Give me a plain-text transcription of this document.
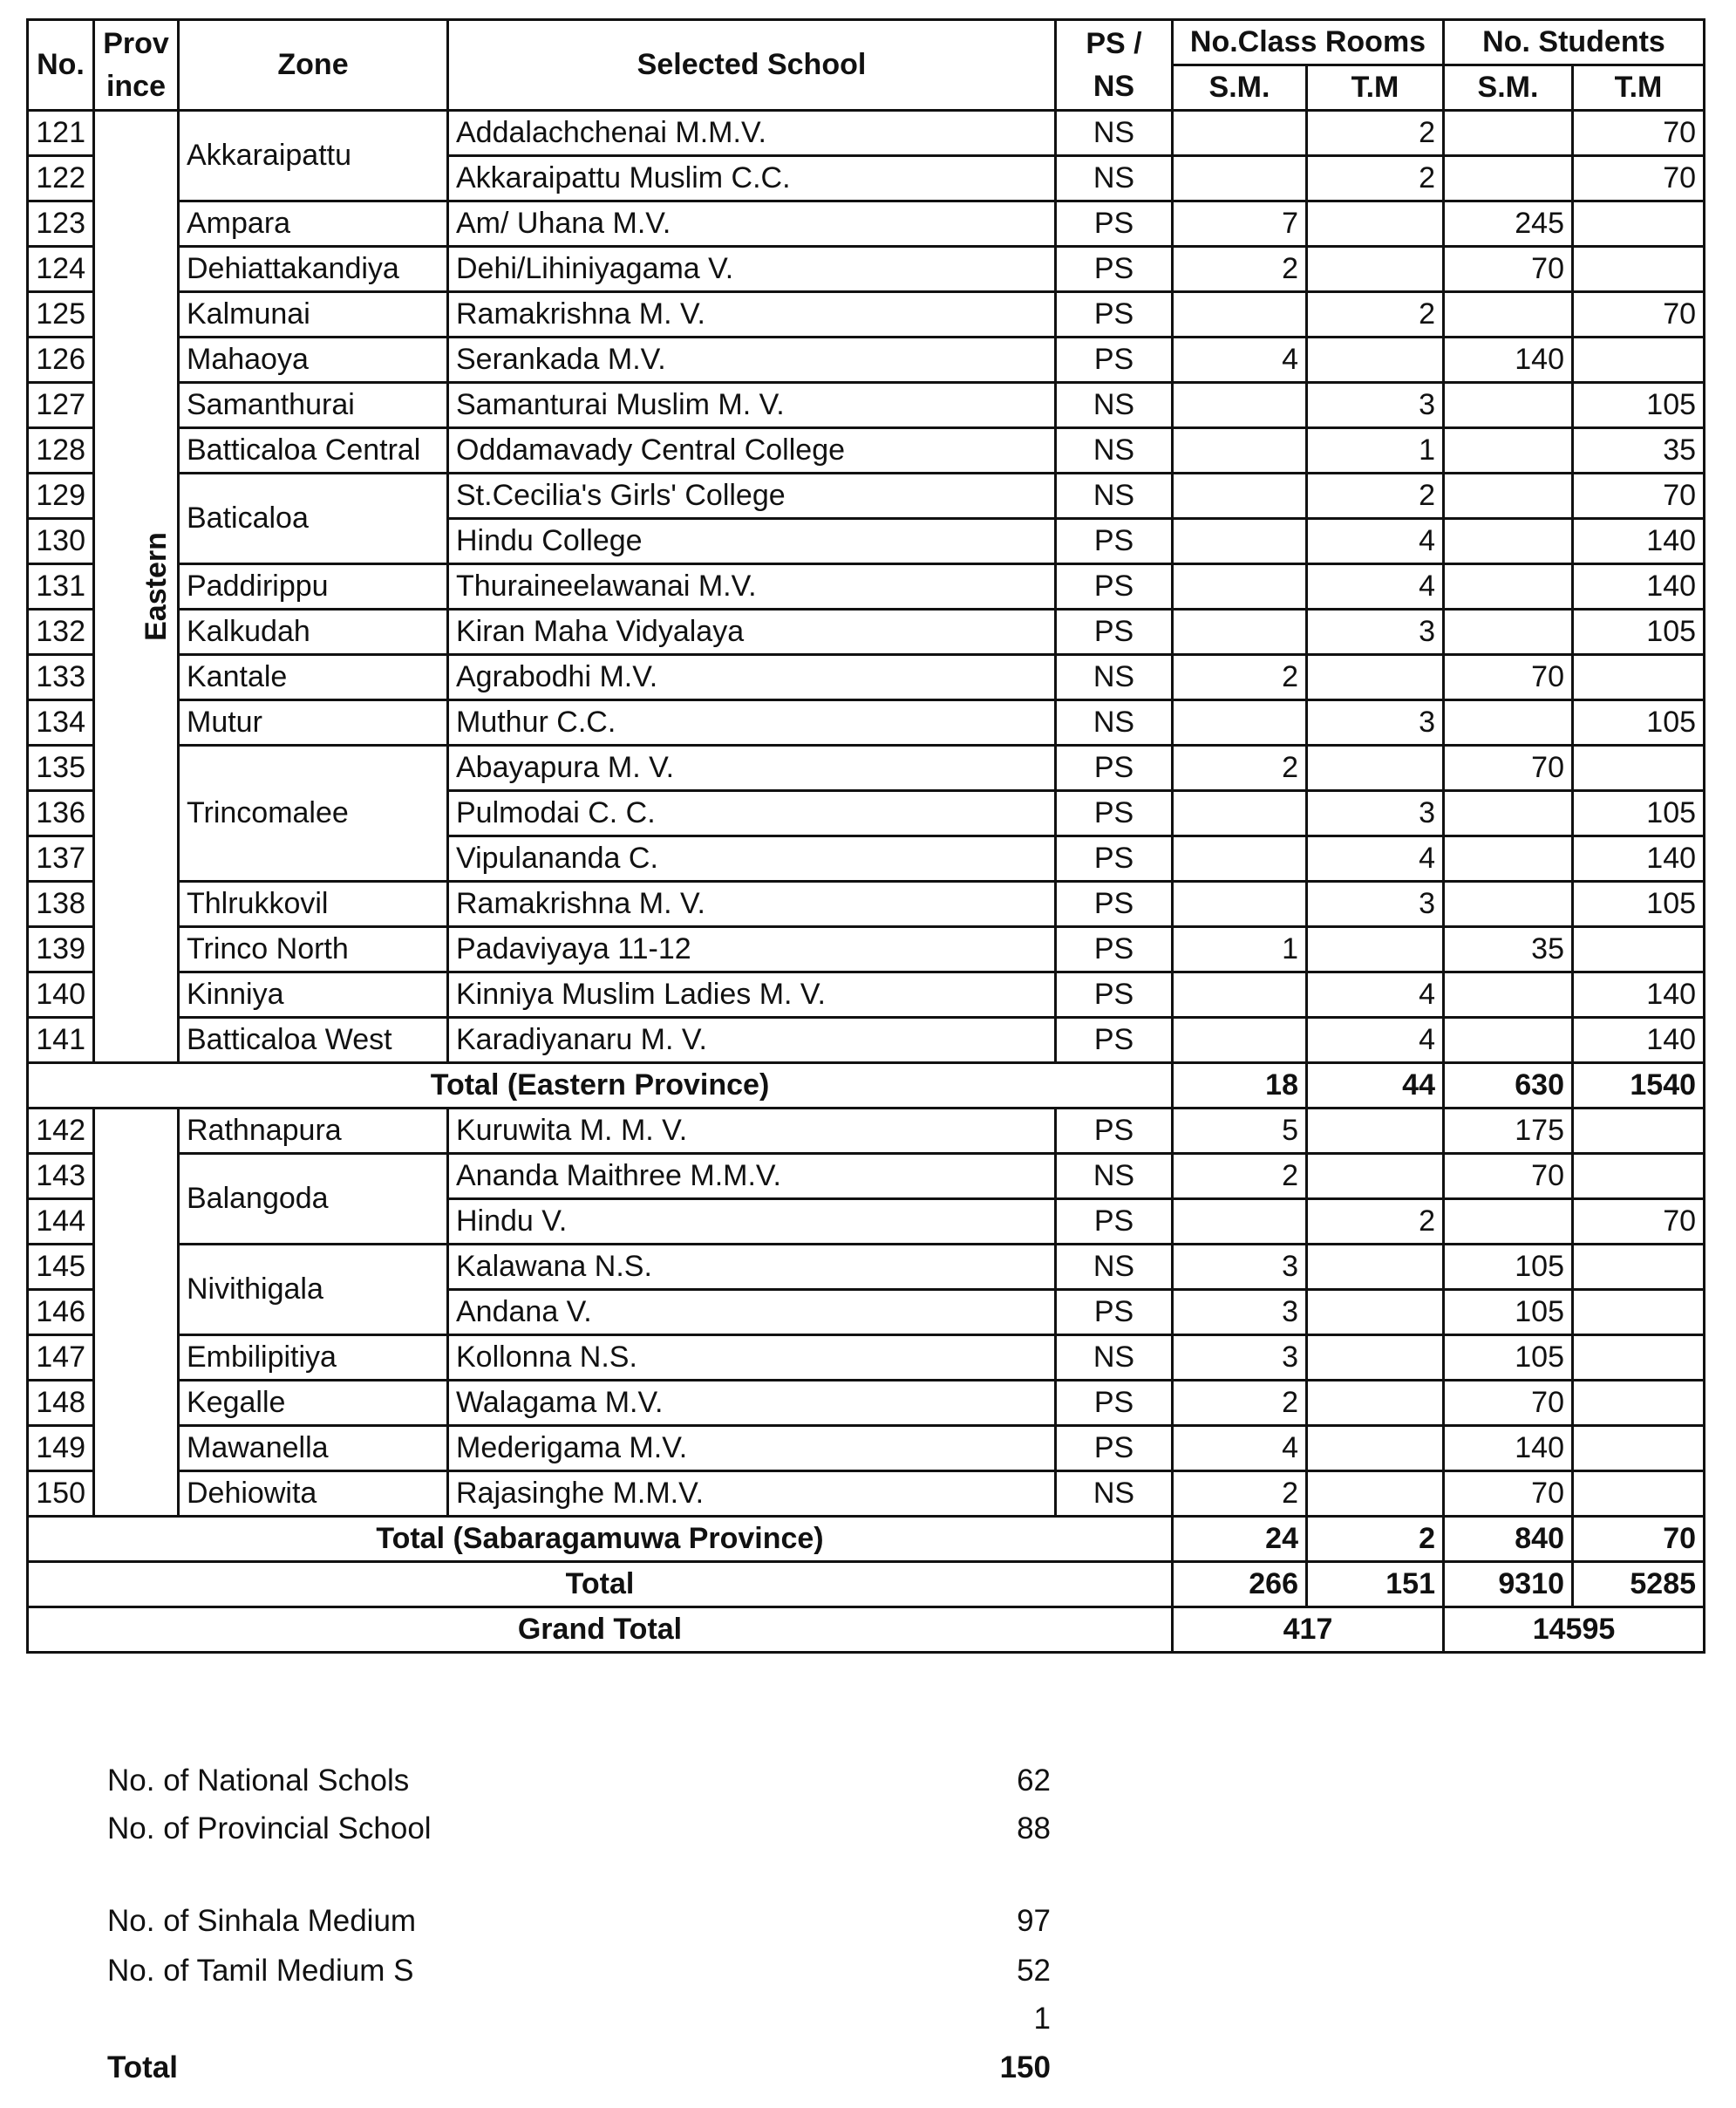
No.	Prov ince	Zone	Selected School	PS / NS	No.Class Rooms		No. Students	
					S.M.	T.M	S.M.	T.M
121	Eastern	Akkaraipattu	Addalachchenai M.M.V.	NS		2		70
122			Akkaraipattu Muslim C.C.	NS		2		70
123		Ampara	Am/ Uhana M.V.	PS	7		245	
124		Dehiattakandiya	Dehi/Lihiniyagama V.	PS	2		70	
125		Kalmunai	Ramakrishna M. V.	PS		2		70
126		Mahaoya	Serankada M.V.	PS	4		140	
127		Samanthurai	Samanturai Muslim M. V.	NS		3		105
128		Batticaloa Central	Oddamavady Central College	NS		1		35
129		Baticaloa	St.Cecilia's Girls' College	NS		2		70
130			Hindu College	PS		4		140
131		Paddirippu	Thuraineelawanai M.V.	PS		4		140
132		Kalkudah	Kiran Maha Vidyalaya	PS		3		105
133		Kantale	Agrabodhi M.V.	NS	2		70	
134		Mutur	Muthur C.C.	NS		3		105
135		Trincomalee	Abayapura M. V.	PS	2		70	
136			Pulmodai C. C.	PS		3		105
137			Vipulananda C.	PS		4		140
138		Thlrukkovil	Ramakrishna M. V.	PS		3		105
139		Trinco North	Padaviyaya 11-12	PS	1		35	
140		Kinniya	Kinniya Muslim Ladies M. V.	PS		4		140
141		Batticaloa West	Karadiyanaru M. V.	PS		4		140
Total (Eastern Province)					18	44	630	1540
142		Rathnapura	Kuruwita M. M. V.	PS	5		175	
143		Balangoda	Ananda Maithree M.M.V.	NS	2		70	
144			Hindu V.	PS		2		70
145		Nivithigala	Kalawana N.S.	NS	3		105	
146			Andana V.	PS	3		105	
147		Embilipitiya	Kollonna N.S.	NS	3		105	
148		Kegalle	Walagama M.V.	PS	2		70	
149		Mawanella	Mederigama M.V.	PS	4		140	
150		Dehiowita	Rajasinghe M.M.V.	NS	2		70	
Total (Sabaragamuwa Province)					24	2	840	70
Total					266	151	9310	5285
Grand Total					417		14595	
No. of National Schols	62
No. of Provincial School	88
No. of Sinhala Medium	97
No. of Tamil Medium S	52
1
Total	150
